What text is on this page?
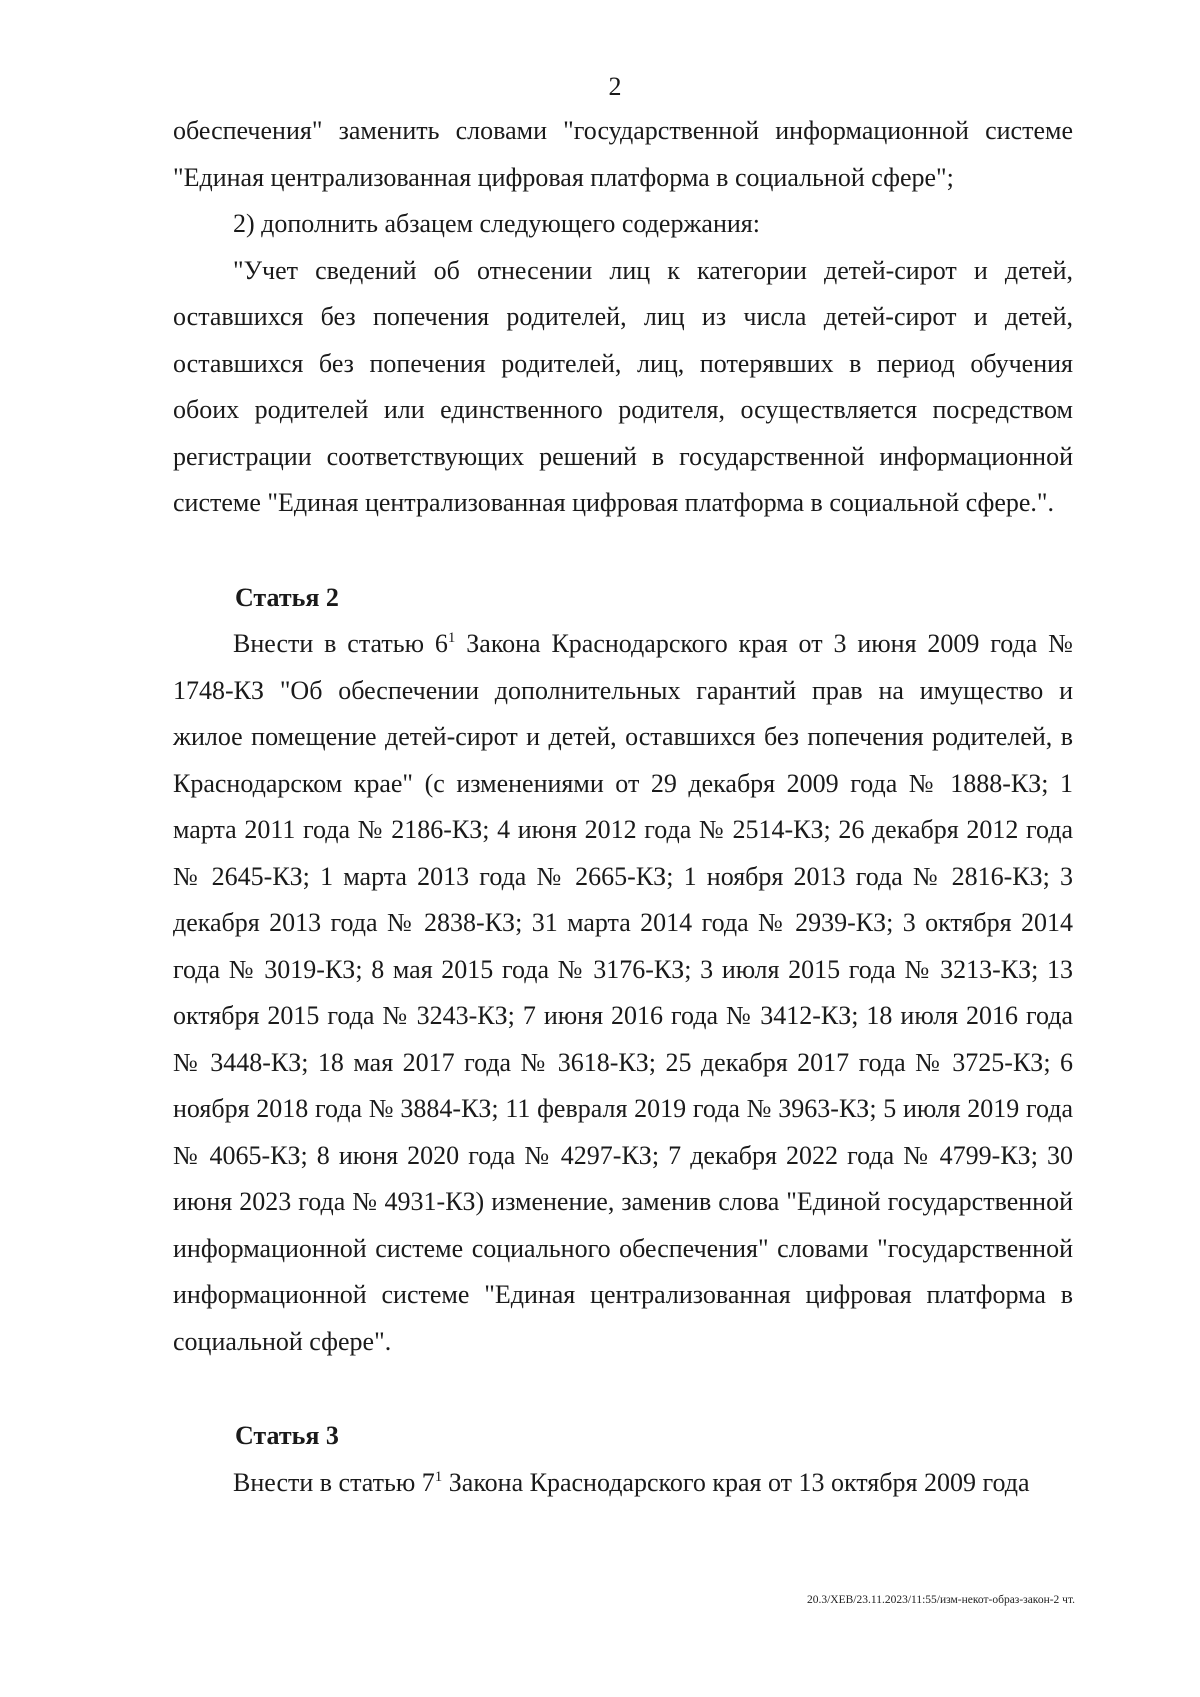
2

обеспечения" заменить словами "государственной информационной системе "Единая централизованная цифровая платформа в социальной сфере";

2) дополнить абзацем следующего содержания:

"Учет сведений об отнесении лиц к категории детей-сирот и детей, оставшихся без попечения родителей, лиц из числа детей-сирот и детей, оставшихся без попечения родителей, лиц, потерявших в период обучения обоих родителей или единственного родителя, осуществляется посредством регистрации соответствующих решений в государственной информационной системе "Единая централизованная цифровая платформа в социальной сфере.".

Статья 2

Внести в статью $6^1$ Закона Краснодарского края от 3 июня 2009 года № 1748-КЗ "Об обеспечении дополнительных гарантий прав на имущество и жилое помещение детей-сирот и детей, оставшихся без попечения родителей, в Краснодарском крае" (с изменениями от 29 декабря 2009 года № 1888-КЗ; 1 марта 2011 года № 2186-КЗ; 4 июня 2012 года № 2514-КЗ; 26 декабря 2012 года № 2645-КЗ; 1 марта 2013 года № 2665-КЗ; 1 ноября 2013 года № 2816-КЗ; 3 декабря 2013 года № 2838-КЗ; 31 марта 2014 года № 2939-КЗ; 3 октября 2014 года № 3019-КЗ; 8 мая 2015 года № 3176-КЗ; 3 июля 2015 года № 3213-КЗ; 13 октября 2015 года № 3243-КЗ; 7 июня 2016 года № 3412-КЗ; 18 июля 2016 года № 3448-КЗ; 18 мая 2017 года № 3618-КЗ; 25 декабря 2017 года № 3725-КЗ; 6 ноября 2018 года № 3884-КЗ; 11 февраля 2019 года № 3963-КЗ; 5 июля 2019 года № 4065-КЗ; 8 июня 2020 года № 4297-КЗ; 7 декабря 2022 года № 4799-КЗ; 30 июня 2023 года № 4931-КЗ) изменение, заменив слова "Единой государственной информационной системе социального обеспечения" словами "государственной информационной системе "Единая централизованная цифровая платформа в социальной сфере".

Статья 3

Внести в статью $7^1$ Закона Краснодарского края от 13 октября 2009 года

20.3/ХЕВ/23.11.2023/11:55/изм-некот-образ-закон-2 чт.
